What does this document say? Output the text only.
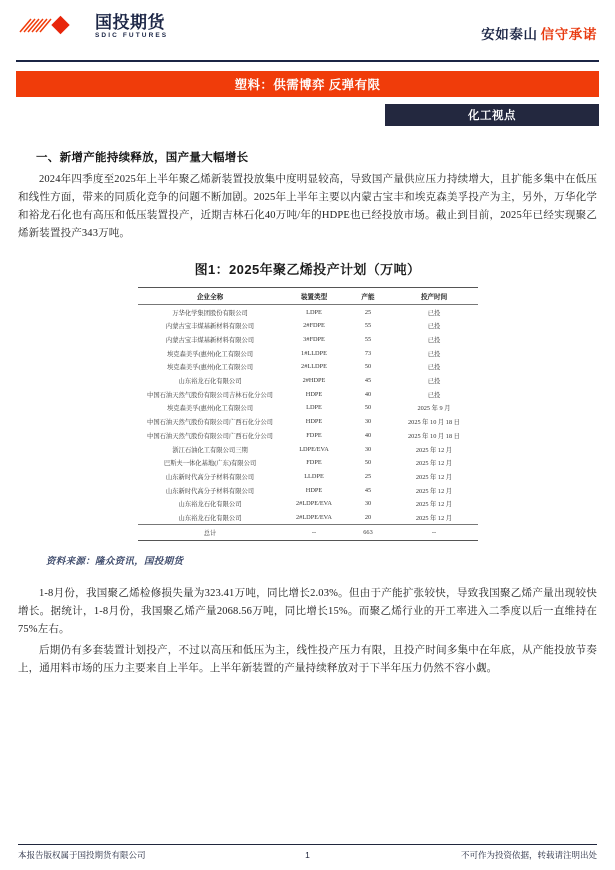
国投期货
SDIC FUTURES	安如泰山 信守承诺
塑料：供需博弈 反弹有限
化工视点
一、新增产能持续释放，国产量大幅增长

2024年四季度至2025年上半年聚乙烯新装置投放集中度明显较高，导致国产量供应压力持续增大，且扩能多集中在低压和线性方面，带来的同质化竞争的问题不断加剧。2025年上半年主要以内蒙古宝丰和埃克森美孚投产为主，另外，万华化学和裕龙石化也有高压和低压装置投产，近期吉林石化40万吨/年的HDPE也已经投放市场。截止到目前，2025年已经实现聚乙烯新装置投产343万吨。

图1：2025年聚乙烯投产计划（万吨）
企业全称	装置类型	产能	投产时间
万华化学集团股份有限公司	LDPE	25	已投
内蒙古宝丰煤基新材料有限公司	2#FDPE	55	已投
内蒙古宝丰煤基新材料有限公司	3#FDPE	55	已投
埃克森美孚(惠州)化工有限公司	1#LLDPE	73	已投
埃克森美孚(惠州)化工有限公司	2#LLDPE	50	已投
山东裕龙石化有限公司	2#HDPE	45	已投
中国石油天然气股份有限公司吉林石化分公司	HDPE	40	已投
埃克森美孚(惠州)化工有限公司	LDPE	50	2025 年 9 月
中国石油天然气股份有限公司广西石化分公司	HDPE	30	2025 年 10 月 18 日
中国石油天然气股份有限公司广西石化分公司	FDPE	40	2025 年 10 月 18 日
浙江石油化工有限公司三期	LDPE/EVA	30	2025 年 12 月
巴斯夫一体化基地(广东)有限公司	FDPE	50	2025 年 12 月
山东新时代高分子材料有限公司	LLDPE	25	2025 年 12 月
山东新时代高分子材料有限公司	HDPE	45	2025 年 12 月
山东裕龙石化有限公司	2#LDPE/EVA	30	2025 年 12 月
山东裕龙石化有限公司	2#LDPE/EVA	20	2025 年 12 月
总计	--	663	--
资料来源：隆众资讯，国投期货

1-8月份，我国聚乙烯检修损失量为323.41万吨，同比增长2.03%。但由于产能扩张较快，导致我国聚乙烯产量出现较快增长。据统计，1-8月份，我国聚乙烯产量2068.56万吨，同比增长15%。而聚乙烯行业的开工率进入二季度以后一直维持在75%左右。

后期仍有多套装置计划投产，不过以高压和低压为主，线性投产压力有限，且投产时间多集中在年底，从产能投放节奏上，通用料市场的压力主要来自上半年。上半年新装置的产量持续释放对于下半年压力仍然不容小觑。

本报告版权属于国投期货有限公司	1	不可作为投资依据，转载请注明出处
